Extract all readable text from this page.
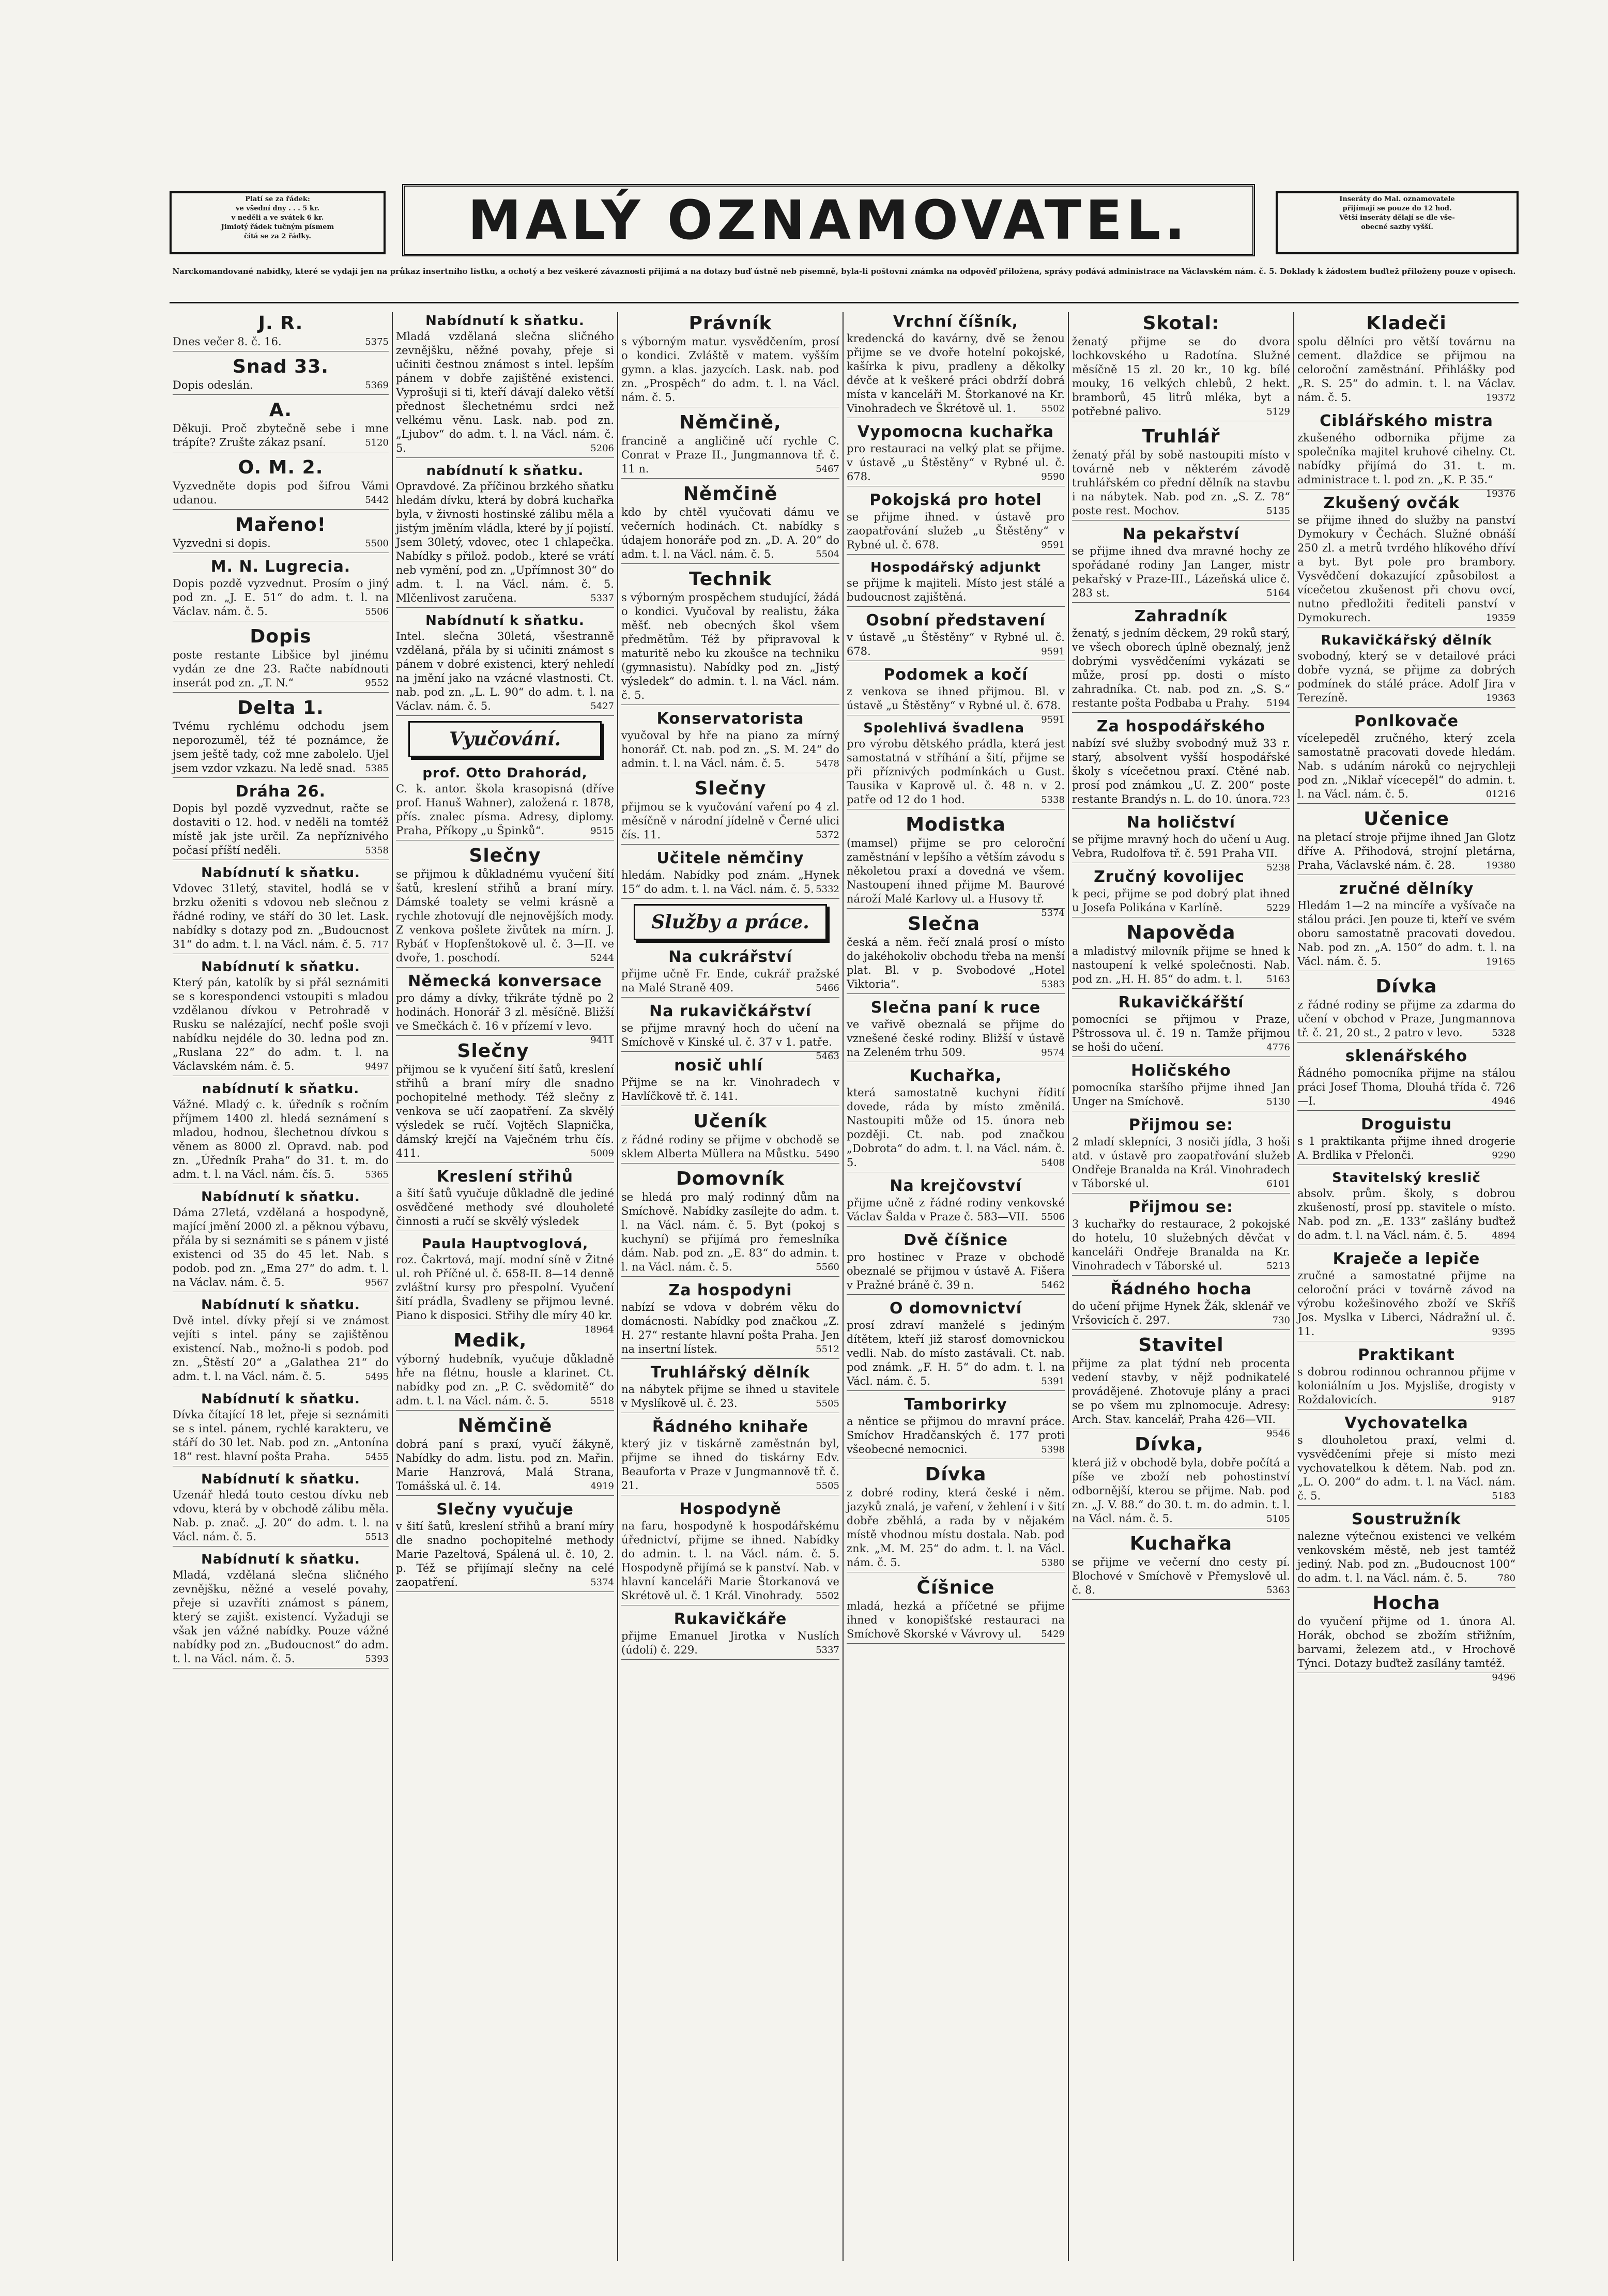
Platí se za řádek:
ve všední dny . . . 5 kr.
v neděli a ve svátek 6 kr.
Jimiotý řádek tučným písmem
čítá se za 2 řádky.	MALÝ OZNAMOVATEL.	Inseráty do Mal. oznamovatele
přijímají se pouze do 12 hod.
Větší inseráty dělají se dle vše-
obecné sazby vyšší.
Narckomandované nabídky, které se vydají jen na průkaz insertního lístku, a ochotý a bez veškeré závaznosti přijímá a na dotazy buď ústně neb písemně, byla-li poštovní známka na odpověď přiložena, správy podává administrace na Václavském nám. č. 5. Doklady k žádostem buďtež přiloženy pouze v opisech.
J. R.
Dnes večer 8. č. 16.	5375
Snad 33.
Dopis odeslán.	5369
A.
Děkuji. Proč zbytečně sebe i mne trápíte? Zrušte zákaz psaní.	5120
O. M. 2.
Vyzvedněte dopis pod šifrou Vámi udanou.	5442
Mařeno!
Vyzvedni si dopis.	5500
M. N. Lugrecia.
Dopis pozdě vyzvednut. Prosím o jiný pod zn. „J. E. 51“ do adm. t. l. na Václav. nám. č. 5.	5506
Dopis
poste restante Libšice byl jinému vydán ze dne 23. Račte nabídnouti inserát pod zn. „T. N.“	9552
Delta 1.
Tvému rychlému odchodu jsem neporozuměl, též té poznámce, že jsem ještě tady, což mne zabolelo. Ujel jsem vzdor vzkazu. Na ledě snad. 5385
Dráha 26.
Dopis byl pozdě vyzvednut, račte se dostaviti o 12. hod. v neděli na tomtéž místě jak jste určil. Za nepříznivého počasí příští neděli.	5358
Nabídnutí k sňatku.
Vdovec 31letý, stavitel, hodlá se v brzku oženiti s vdovou neb slečnou z řádné rodiny, ve stáří do 30 let. Lask. nabídky s dotazy pod zn. „Budoucnost 31“ do adm. t. l. na Václ. nám. č. 5. 717
Nabídnutí k sňatku.
Který pán, katolík by si přál seznámiti se s korespondenci vstoupiti s mladou vzdělanou dívkou v Petrohradě v Rusku se nalézající, nechť pošle svoji nabídku nejdéle do 30. ledna pod zn. „Ruslana 22“ do adm. t. l. na Václavském nám. č. 5.	9497
nabídnutí k sňatku.
Vážné. Mladý c. k. úředník s ročním příjmem 1400 zl. hledá seznámení s mladou, hodnou, šlechetnou dívkou s věnem as 8000 zl. Opravd. nab. pod zn. „Úředník Praha“ do 31. t. m. do adm. t. l. na Václ. nám. čís. 5.	5365
Nabídnutí k sňatku.
Dáma 27letá, vzdělaná a hospodyně, mající jmění 2000 zl. a pěknou výbavu, přála by si seznámiti se s pánem v jisté existenci od 35 do 45 let. Nab. s podob. pod zn. „Ema 27“ do adm. t. l. na Václav. nám. č. 5.	9567
Nabídnutí k sňatku.
Dvě intel. dívky přejí si ve známost vejíti s intel. pány se zajištěnou existencí. Nab., možno-li s podob. pod zn. „Štěstí 20“ a „Galathea 21“ do adm. t. l. na Václ. nám. č. 5.	5495
Nabídnutí k sňatku.
Dívka čítající 18 let, přeje si seznámiti se s intel. pánem, rychlé karakteru, ve stáří do 30 let. Nab. pod zn. „Antonína 18“ rest. hlavní pošta Praha.	5455
Nabídnutí k sňatku.
Uzenář hledá touto cestou dívku neb vdovu, která by v obchodě zálibu měla. Nab. p. znač. „J. 20“ do adm. t. l. na Václ. nám. č. 5.	5513
Nabídnutí k sňatku.
Mladá, vzdělaná slečna sličného zevnějšku, něžné a veselé povahy, přeje si uzavříti známost s pánem, který se zajišt. existencí. Vyžaduji se však jen vážné nabídky. Pouze vážné nabídky pod zn. „Budoucnost“ do adm. t. l. na Václ. nám. č. 5.	5393
Nabídnutí k sňatku.
Mladá vzdělaná slečna sličného zevnějšku, něžné povahy, přeje si učiniti čestnou známost s intel. lepším pánem v dobře zajištěné existenci. Vyprošuji si ti, kteří dávají daleko větší přednost šlechetnému srdci než velkému věnu. Lask. nab. pod zn. „Ljubov“ do adm. t. l. na Václ. nám. č. 5.	5206
nabídnutí k sňatku.
Opravdové. Za příčinou brzkého sňatku hledám dívku, která by dobrá kuchařka byla, v živnosti hostinské zálibu měla a jistým jměním vládla, které by jí pojistí. Jsem 30letý, vdovec, otec 1 chlapečka. Nabídky s přilož. podob., které se vrátí neb vymění, pod zn. „Upřímnost 30“ do adm. t. l. na Václ. nám. č. 5. Mlčenlivost zaručena.	5337
Nabídnutí k sňatku.
Intel. slečna 30letá, všestranně vzdělaná, přála by si učiniti známost s pánem v dobré existenci, který nehledí na jmění jako na vzácné vlastnosti. Ct. nab. pod zn. „L. L. 90“ do adm. t. l. na Václav. nám. č. 5.	5427
Vyučování.
prof. Otto Drahorád,
C. k. antor. škola krasopisná (dříve prof. Hanuš Wahner), založená r. 1878, přís. znalec písma. Adresy, diplomy. Praha, Příkopy „u Špinků“.	9515
Slečny
se přijmou k důkladnému vyučení šití šatů, kreslení střihů a braní míry. Dámské toalety se velmi krásně a rychle zhotovují dle nejnovějších mody. Z venkova pošlete živůtek na mírn. J. Rybáť v Hopfenštokově ul. č. 3—II. ve dvoře, 1. poschodí.	5244
Německá konversace
pro dámy a dívky, třikráte týdně po 2 hodinách. Honorář 3 zl. měsíčně. Bližší ve Smečkách č. 16 v přízemí v levo.
9411
Slečny
přijmou se k vyučení šití šatů, kreslení střihů a braní míry dle snadno pochopitelné methody. Též slečny z venkova se učí zaopatření. Za skvělý výsledek se ručí. Vojtěch Slapnička, dámský krejčí na Vaječném trhu čís. 411.	5009
Kreslení střihů
a šití šatů vyučuje důkladně dle jediné osvědčené methody své dlouholeté činnosti a ručí se skvělý výsledek
Paula Hauptvoglová,
roz. Čakrtová, mají. modní síně v Žitné ul. roh Příčné ul. č. 658-II. 8—14 denně zvláštní kursy pro přespolní. Vyučení šití prádla, Švadleny se přijmou levné. Piano k disposici. Střihy dle míry 40 kr.
18964
Medik,
výborný hudebník, vyučuje důkladně hře na flétnu, housle a klarinet. Ct. nabídky pod zn. „P. C. svědomitě“ do adm. t. l. na Václ. nám. č. 5.	5518
Němčině
dobrá paní s praxí, vyučí žákyně, Nabídky do adm. listu. pod zn. Mařin. Marie Hanzrová, Malá Strana, Tomášská ul. č. 14.	4919
Slečny vyučuje
v šití šatů, kreslení střihů a braní míry dle snadno pochopitelné methody Marie Pazeltová, Spálená ul. č. 10, 2. p. Též se přijímají slečny na celé zaopatření.	5374
Právník
s výborným matur. vysvědčením, prosí o kondici. Zvláště v matem. vyšším gymn. a klas. jazycích. Lask. nab. pod zn. „Prospěch“ do adm. t. l. na Václ. nám. č. 5.
Němčině,
francině a angličině učí rychle C. Conrat v Praze II., Jungmannova tř. č. 11 n.	5467
Němčině
kdo by chtěl vyučovati dámu ve večerních hodinách. Ct. nabídky s údajem honoráře pod zn. „D. A. 20“ do adm. t. l. na Václ. nám. č. 5.	5504
Technik
s výborným prospěchem studující, žádá o kondici. Vyučoval by realistu, žáka měšť. neb obecných škol všem předmětům. Též by připravoval k maturitě nebo ku zkoušce na techniku (gymnasistu). Nabídky pod zn. „Jistý výsledek“ do admin. t. l. na Václ. nám. č. 5.
Konservatorista
vyučoval by hře na piano za mírný honorář. Ct. nab. pod zn. „S. M. 24“ do admin. t. l. na Václ. nám. č. 5.	5478
Slečny
přijmou se k vyučování vaření po 4 zl. měsíčně v národní jídelně v Černé ulici čís. 11.	5372
Učitele němčiny
hledám. Nabídky pod znám. „Hynek 15“ do adm. t. l. na Václ. nám. č. 5. 5332
Služby a práce.
Na cukrářství
přijme učně Fr. Ende, cukrář pražské na Malé Straně 409.	5466
Na rukavičkářství
se přijme mravný hoch do učení na Smíchově v Kinské ul. č. 37 v 1. patře.
5463
nosič uhlí
Přijme se na kr. Vinohradech v Havlíčkově tř. č. 141.
Učeník
z řádné rodiny se přijme v obchodě se sklem Alberta Müllera na Můstku. 5490
Domovník
se hledá pro malý rodinný dům na Smíchově. Nabídky zasílejte do adm. t. l. na Václ. nám. č. 5. Byt (pokoj s kuchyní) se přijímá pro řemeslníka dám. Nab. pod zn. „E. 83“ do admin. t. l. na Václ. nám. č. 5.	5560
Za hospodyni
nabízí se vdova v dobrém věku do domácnosti. Nabídky pod značkou „Z. H. 27“ restante hlavní pošta Praha. Jen na insertní lístek.	5512
Truhlářský dělník
na nábytek přijme se ihned u stavitele v Myslíkově ul. č. 23.	5505
Řádného knihaře
který jiz v tiskárně zaměstnán byl, přijme se ihned do tiskárny Edv. Beauforta v Praze v Jungmannově tř. č. 21.	5505
Hospodyně
na faru, hospodyně k hospodářskému úřednictví, přijme se ihned. Nabídky do admin. t. l. na Václ. nám. č. 5. Hospodyně přijímá se k panství. Nab. v hlavní kanceláři Marie Štorkanová ve Skrétově ul. č. 1 Král. Vinohrady. 5502
Rukavičkáře
přijme Emanuel Jirotka v Nuslích (údolí) č. 229.	5337
Vrchní číšník,
kredencká do kavárny, dvě se ženou přijme se ve dvoře hotelní pokojské, kašírka k pivu, pradleny a děkolky dévče at k veškeré práci obdrží dobrá místa v kanceláři M. Štorkanové na Kr. Vinohradech ve Škrétově ul. 1.	5502
Vypomocna kuchařka
pro restauraci na velký plat se přijme. v ústavě „u Štěstěny“ v Rybné ul. č. 678.	9590
Pokojská pro hotel
se přijme ihned. v ústavě pro zaopatřování služeb „u Štěstěny“ v Rybné ul. č. 678.	9591
Hospodářský adjunkt
se přijme k majiteli. Místo jest stálé a budoucnost zajištěná.
Osobní představení
v ústavě „u Štěstěny“ v Rybné ul. č. 678.	9591
Podomek a kočí
z venkova se ihned přijmou. Bl. v ústavě „u Štěstěny“ v Rybné ul. č. 678.
9591
Spolehlivá švadlena
pro výrobu dětského prádla, která jest samostatná v stříhání a šití, přijme se při příznivých podmínkách u Gust. Tausika v Kaprově ul. č. 48 n. v 2. patře od 12 do 1 hod.	5338
Modistka
(mamsel) přijme se pro celoroční zaměstnání v lepšího a větším závodu s několetou praxí a dovedná ve všem. Nastoupení ihned přijme M. Baurové nároží Malé Karlovy ul. a Husovy tř.
5374
Slečna
česká a něm. řečí znalá prosí o místo do jakéhokoliv obchodu třeba na menší plat. Bl. v p. Svobodové „Hotel Viktoria“.	5383
Slečna paní k ruce
ve vařivě obeznalá se přijme do vznešené české rodiny. Bližší v ústavě na Zeleném trhu 509.	9574
Kuchařka,
která samostatně kuchyni řídití dovede, ráda by místo změnilá. Nastoupiti může od 15. února neb později. Ct. nab. pod značkou „Dobrota“ do adm. t. l. na Václ. nám. č. 5.	5408
Na krejčovství
přijme učně z řádné rodiny venkovské Václav Šalda v Praze č. 583—VII. 5506
Dvě číšnice
pro hostinec v Praze v obchodě obeznalé se přijmou v ústavě A. Fišera v Pražné bráně č. 39 n.	5462
O domovnictví
prosí zdraví manželé s jediným dítětem, kteří již starosť domovnickou vedli. Nab. do místo zastávali. Ct. nab. pod známk. „F. H. 5“ do adm. t. l. na Václ. nám. č. 5.	5391
Tamborirky
a něntice se přijmou do mravní práce. Smíchov Hradčanských č. 177 proti všeobecné nemocnici.	5398
Dívka
z dobré rodiny, která české i něm. jazyků znalá, je vaření, v žehlení i v šití dobře zběhlá, a rada by v nějakém místě vhodnou místu dostala. Nab. pod znk. „M. M. 25“ do adm. t. l. na Václ. nám. č. 5.	5380
Číšnice
mladá, hezká a příčetné se přijme ihned v konopišťské restauraci na Smíchově Skorské v Vávrovy ul. 5429
Skotal:
ženatý přijme se do dvora lochkovského u Radotína. Služné měsíčně 15 zl. 20 kr., 10 kg. bílé mouky, 16 velkých chlebů, 2 hekt. bramborů, 45 litrů mléka, byt a potřebné palivo.	5129
Truhlář
ženatý přál by sobě nastoupiti místo v továrně neb v některém závodě truhlářském co přední dělník na stavbu i na nábytek. Nab. pod zn. „S. Z. 78“ poste rest. Mochov.	5135
Na pekařství
se přijme ihned dva mravné hochy ze spořádané rodiny Jan Langer, mistr pekařský v Praze-III., Lázeňská ulice č. 283 st.	5164
Zahradník
ženatý, s jedním děckem, 29 roků starý, ve všech oborech úplně obeznalý, jenž dobrými vysvědčeními vykázati se může, prosí pp. dosti o místo zahradníka. Ct. nab. pod zn. „S. S.“ restante pošta Podbaba u Prahy. 5194
Za hospodářského
nabízí své služby svobodný muž 33 r. starý, absolvent vyšší hospodářské školy s vícečetnou praxí. Ctěné nab. prosí pod známkou „U. Z. 200“ poste restante Brandýs n. L. do 10. února. 723
Na holičství
se přijme mravný hoch do učení u Aug. Vebra, Rudolfova tř. č. 591 Praha VII.
5238
Zručný kovolijec
k peci, přijme se pod dobrý plat ihned u Josefa Polikána v Karlíně.	5229
Napověda
a mladistvý milovník přijme se hned k nastoupení k velké společnosti. Nab. pod zn. „H. H. 85“ do adm. t. l.	5163
Rukavičkářští
pomocníci se přijmou v Praze, Pštrossova ul. č. 19 n. Tamže přijmou se hoši do učení.	4776
Holičského
pomocníka staršího přijme ihned Jan Unger na Smíchově.	5130
Přijmou se:
2 mladí sklepníci, 3 nosiči jídla, 3 hoši atd. v ústavě pro zaopatřování služeb Ondřeje Branalda na Král. Vinohradech v Táborské ul.	6101
Přijmou se:
3 kuchařky do restaurace, 2 pokojské do hotelu, 10 služebných děvčat v kanceláři Ondřeje Branalda na Kr. Vinohradech v Táborské ul.	5213
Řádného hocha
do učení přijme Hynek Žák, sklenář ve Vršovicích č. 297.	730
Stavitel
přijme za plat týdní neb procenta vedení stavby, v nějž podnikatelé provádějené. Zhotovuje plány a praci se po všem mu zplnomocuje. Adresy: Arch. Stav. kancelář, Praha 426—VII.
9546
Dívka,
která již v obchodě byla, dobře počítá a píše ve zboží neb pohostinství odbornější, kterou se přijme. Nab. pod zn. „J. V. 88.“ do 30. t. m. do admin. t. l. na Václ. nám. č. 5.	5105
Kuchařka
se přijme ve večerní dno cesty pí. Blochové v Smíchově v Přemyslově ul. č. 8.	5363
Kladeči
spolu dělníci pro větší továrnu na cement. dlaždice se přijmou na celoroční zaměstnání. Přihlášky pod „R. S. 25“ do admin. t. l. na Václav. nám. č. 5.	19372
Ciblářského mistra
zkušeného odbornika přijme za společníka majitel kruhové cihelny. Ct. nabídky přijímá do 31. t. m. administrace t. l. pod zn. „K. P. 35.“
19376
Zkušený ovčák
se přijme ihned do služby na panství Dymokury v Čechách. Služné obnáší 250 zl. a metrů tvrdého hlíkového dříví a byt. Byt pole pro brambory. Vysvědčení dokazující způsobilost a vícečetou zkušenost při chovu ovcí, nutno předložiti řediteli panství v Dymokurech.	19359
Rukavičkářský dělník
svobodný, který se v detailové práci dobře vyzná, se přijme za dobrých podmínek do stálé práce. Adolf Jira v Terezíně.	19363
Ponlkovače
vícelepeděl zručného, který zcela samostatně pracovati dovede hledám. Nab. s udáním nároků co nejrychleji pod zn. „Niklař vícecepěl“ do admin. t. l. na Václ. nám. č. 5.	01216
Učenice
na pletací stroje přijme ihned Jan Glotz dříve A. Přihodová, strojní pletárna, Praha, Václavské nám. č. 28.	19380
zručné dělníky
Hledám 1—2 na mincíře a vyšívače na stálou práci. Jen pouze ti, kteří ve svém oboru samostatně pracovati dovedou. Nab. pod zn. „A. 150“ do adm. t. l. na Václ. nám. č. 5.	19165
Dívka
z řádné rodiny se přijme za zdarma do učení v obchod v Praze, Jungmannova tř. č. 21, 20 st., 2 patro v levo.	5328
sklenářského
Řádného pomocníka přijme na stálou práci Josef Thoma, Dlouhá třída č. 726—I.	4946
Droguistu
s 1 praktikanta přijme ihned drogerie A. Brdlika v Přelonči.	9290
Stavitelský kreslič
absolv. prům. školy, s dobrou zkušeností, prosí pp. stavitele o místo. Nab. pod zn. „E. 133“ zašlány buďtež do adm. t. l. na Václ. nám. č. 5.	4894
Kraječe a lepiče
zručné a samostatné přijme na celoroční práci v továrně závod na výrobu kožešinového zboží ve Skříš Jos. Myslka v Liberci, Nádražní ul. č. 11.	9395
Praktikant
s dobrou rodinnou ochrannou přijme v koloniálním u Jos. Myjsliše, drogisty v Roždalovicích.	9187
Vychovatelka
s dlouholetou praxí, velmi d. vysvědčeními přeje si místo mezi vychovatelkou k dětem. Nab. pod zn. „L. O. 200“ do adm. t. l. na Václ. nám. č. 5.	5183
Soustružník
nalezne výtečnou existenci ve velkém venkovském městě, neb jest tamtéž jediný. Nab. pod zn. „Budoucnost 100“ do adm. t. l. na Václ. nám. č. 5.	780
Hocha
do vyučení přijme od 1. února Al. Horák, obchod se zbožím střižním, barvami, železem atd., v Hrochově Týnci. Dotazy buďtež zasílány tamtéž.
9496
